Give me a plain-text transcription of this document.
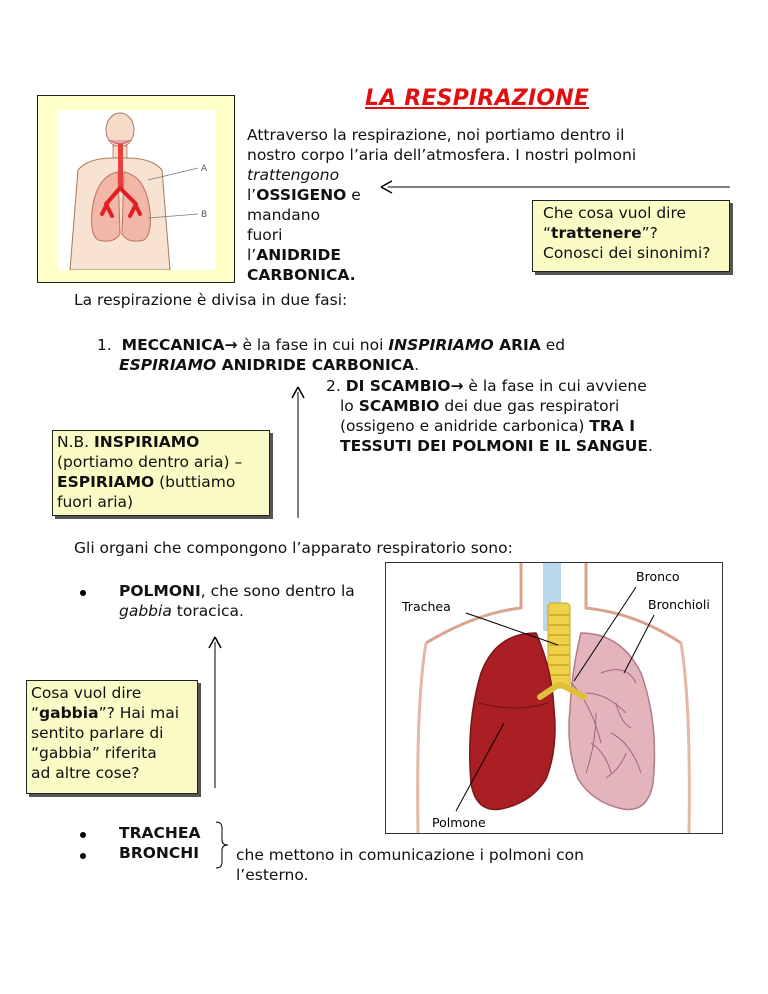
LA RESPIRAZIONE
A
B
Attraverso la respirazione, noi portiamo dentro il
nostro corpo l’aria dell’atmosfera. I nostri polmoni
trattengono
l’OSSIGENO e
mandano
fuori
l’ANIDRIDE
CARBONICA.
Che cosa vuol dire
“trattenere”?
Conosci dei sinonimi?
La respirazione è divisa in due fasi:
1. MECCANICA→ è la fase in cui noi INSPIRIAMO ARIA ed
ESPIRIAMO ANIDRIDE CARBONICA.
2. DI SCAMBIO→ è la fase in cui avviene
lo SCAMBIO dei due gas respiratori
(ossigeno e anidride carbonica) TRA I
TESSUTI DEI POLMONI E IL SANGUE.
N.B. INSPIRIAMO
(portiamo dentro aria) –
ESPIRIAMO (buttiamo
fuori aria)
Gli organi che compongono l’apparato respiratorio sono:
POLMONI, che sono dentro la
gabbia toracica.
Cosa vuol dire
“gabbia”? Hai mai
sentito parlare di
“gabbia” riferita
ad altre cose?
Trachea
Bronco
Bronchioli
Polmone
TRACHEA
BRONCHI che mettono in comunicazione i polmoni con
l’esterno.
